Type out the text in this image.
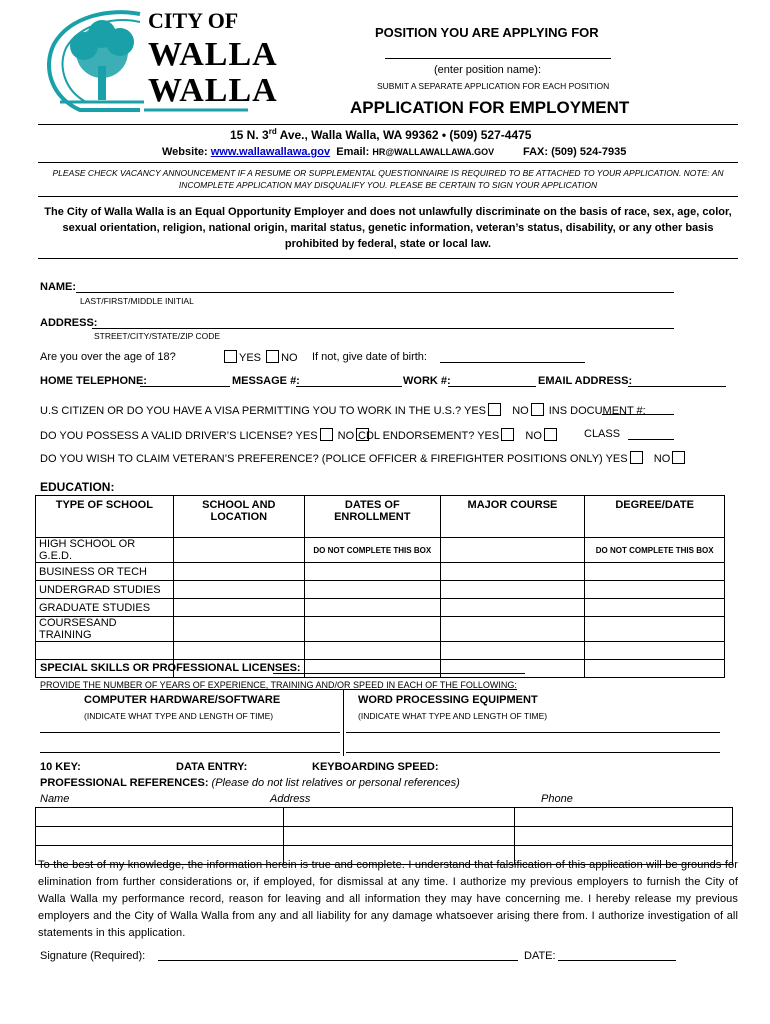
CITY OF
WALLA
WALLA
POSITION YOU ARE APPLYING FOR
(enter position name):
SUBMIT A SEPARATE APPLICATION FOR EACH POSITION
APPLICATION FOR EMPLOYMENT
15 N. 3rd Ave., Walla Walla, WA 99362 • (509) 527-4475
Website: www.wallawallawa.gov Email: HR@WALLAWALLAWA.GOV	FAX: (509) 524-7935
PLEASE CHECK VACANCY ANNOUNCEMENT IF A RESUME OR SUPPLEMENTAL QUESTIONNAIRE IS REQUIRED TO BE ATTACHED TO YOUR APPLICATION. NOTE: AN
INCOMPLETE APPLICATION MAY DISQUALIFY YOU. PLEASE BE CERTAIN TO SIGN YOUR APPLICATION
The City of Walla Walla is an Equal Opportunity Employer and does not unlawfully discriminate on the basis of race, sex, age, color, sexual orientation, religion, national origin, marital status, genetic information, veteran’s status, disability, or any other basis prohibited by federal, state or local law.
NAME:
LAST/FIRST/MIDDLE INITIAL
ADDRESS:
STREET/CITY/STATE/ZIP CODE
Are you over the age of 18?	YES NO If not, give date of birth:
HOME TELEPHONE:	MESSAGE #:	WORK #:	EMAIL ADDRESS:
U.S CITIZEN OR DO YOU HAVE A VISA PERMITTING YOU TO WORK IN THE U.S.? YES NO INS DOCUMENT #:
DO YOU POSSESS A VALID DRIVER’S LICENSE? YES NO CDL ENDORSEMENT? YES NO	CLASS
DO YOU WISH TO CLAIM VETERAN’S PREFERENCE? (POLICE OFFICER & FIREFIGHTER POSITIONS ONLY) YES NO
EDUCATION:
TYPE OF SCHOOL	SCHOOL AND LOCATION	DATES OF ENROLLMENT	MAJOR COURSE	DEGREE/DATE
HIGH SCHOOL OR G.E.D.		DO NOT COMPLETE THIS BOX		DO NOT COMPLETE THIS BOX
BUSINESS OR TECH				
UNDERGRAD STUDIES				
GRADUATE STUDIES				
COURSESAND TRAINING				

SPECIAL SKILLS OR PROFESSIONAL LICENSES:
PROVIDE THE NUMBER OF YEARS OF EXPERIENCE, TRAINING AND/OR SPEED IN EACH OF THE FOLLOWING:
COMPUTER HARDWARE/SOFTWARE
(INDICATE WHAT TYPE AND LENGTH OF TIME)
WORD PROCESSING EQUIPMENT
(INDICATE WHAT TYPE AND LENGTH OF TIME)
10 KEY:	DATA ENTRY:	KEYBOARDING SPEED:
PROFESSIONAL REFERENCES: (Please do not list relatives or personal references)
Name	Address	Phone

To the best of my knowledge, the information herein is true and complete. I understand that falsification of this application will be grounds for elimination from further considerations or, if employed, for dismissal at any time. I authorize my previous employers to furnish the City of Walla Walla my performance record, reason for leaving and all information they may have concerning me. I hereby release my previous employers and the City of Walla Walla from any and all liability for any damage whatsoever arising there from. I authorize investigation of all statements in this application.
Signature (Required):	DATE:
